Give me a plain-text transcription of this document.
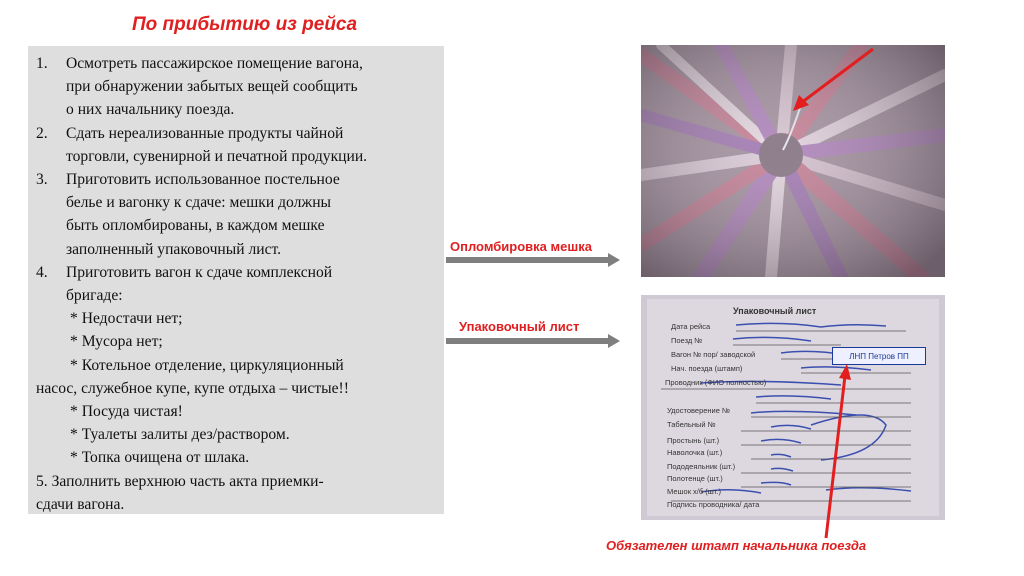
По прибытию из рейса
1. Осмотреть пассажирское помещение вагона,
при обнаружении забытых вещей сообщить
о них начальнику поезда.
2. Сдать нереализованные продукты чайной
торговли, сувенирной и печатной продукции.
3. Приготовить использованное постельное
белье и вагонку к сдаче: мешки должны
быть опломбированы, в каждом мешке
заполненный упаковочный лист.
4. Приготовить вагон к сдаче комплексной
бригаде:
* Недостачи нет;
* Мусора нет;
* Котельное отделение, циркуляционный
насос, служебное купе, купе отдыха – чистые!!
* Посуда чистая!
* Туалеты залиты дез/раствором.
* Топка очищена от шлака.
5. Заполнить верхнюю часть акта приемки-
сдачи вагона.
Опломбировка мешка
Упаковочный лист
Упаковочный лист
Дата рейса
Поезд №
Вагон № пор/ заводской
Нач. поезда (штамп)
Проводник (ФИО полностью)
Удостоверение №
Табельный №
Простынь (шт.)
Наволочка (шт.)
Пододеяльник (шт.)
Полотенце (шт.)
Мешок х/б (шт.)
Подпись проводника/ дата
ЛНП Петров ПП
Обязателен штамп начальника поезда
